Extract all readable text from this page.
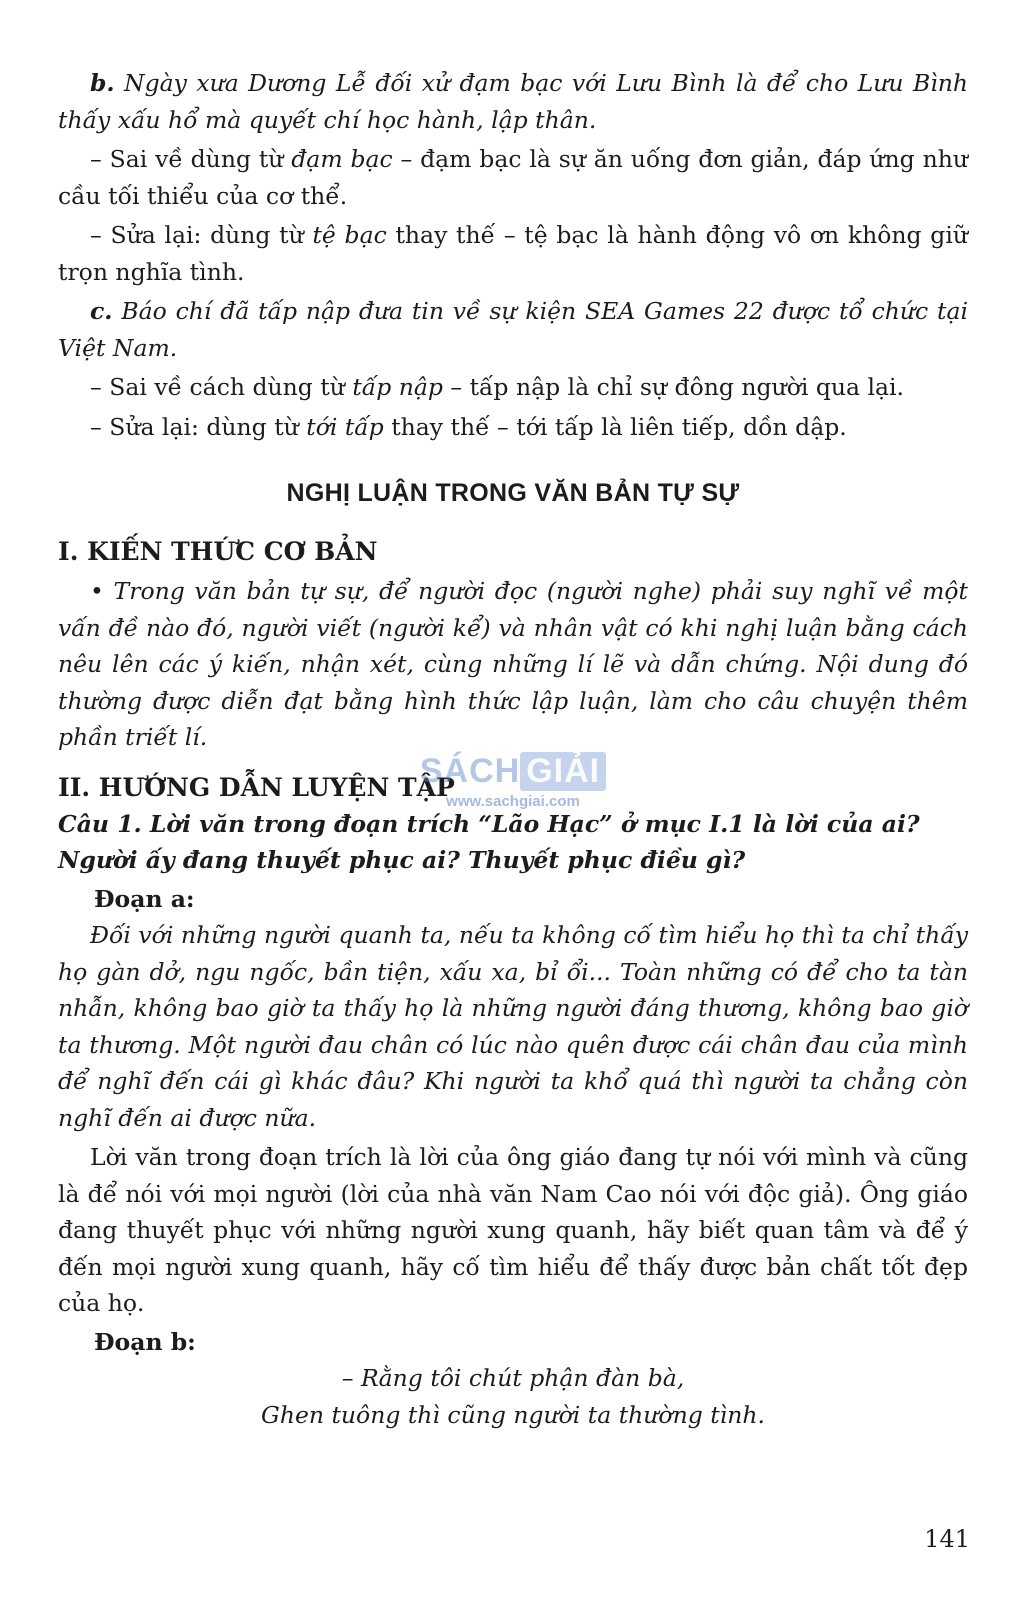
b. Ngày xưa Dương Lễ đối xử đạm bạc với Lưu Bình là để cho Lưu Bình thấy xấu hổ mà quyết chí học hành, lập thân.

– Sai về dùng từ đạm bạc – đạm bạc là sự ăn uống đơn giản, đáp ứng như cầu tối thiểu của cơ thể.

– Sửa lại: dùng từ tệ bạc thay thế – tệ bạc là hành động vô ơn không giữ trọn nghĩa tình.

c. Báo chí đã tấp nập đưa tin về sự kiện SEA Games 22 được tổ chức tại Việt Nam.

– Sai về cách dùng từ tấp nập – tấp nập là chỉ sự đông người qua lại.

– Sửa lại: dùng từ tới tấp thay thế – tới tấp là liên tiếp, dồn dập.

NGHỊ LUẬN TRONG VĂN BẢN TỰ SỰ

I. KIẾN THỨC CƠ BẢN

• Trong văn bản tự sự, để người đọc (người nghe) phải suy nghĩ về một vấn đề nào đó, người viết (người kể) và nhân vật có khi nghị luận bằng cách nêu lên các ý kiến, nhận xét, cùng những lí lẽ và dẫn chứng. Nội dung đó thường được diễn đạt bằng hình thức lập luận, làm cho câu chuyện thêm phần triết lí.

II. HƯỚNG DẪN LUYỆN TẬP

Câu 1. Lời văn trong đoạn trích “Lão Hạc” ở mục I.1 là lời của ai? Người ấy đang thuyết phục ai? Thuyết phục điều gì?

Đoạn a:

Đối với những người quanh ta, nếu ta không cố tìm hiểu họ thì ta chỉ thấy họ gàn dở, ngu ngốc, bần tiện, xấu xa, bỉ ổi... Toàn những có để cho ta tàn nhẫn, không bao giờ ta thấy họ là những người đáng thương, không bao giờ ta thương. Một người đau chân có lúc nào quên được cái chân đau của mình để nghĩ đến cái gì khác đâu? Khi người ta khổ quá thì người ta chẳng còn nghĩ đến ai được nữa.

Lời văn trong đoạn trích là lời của ông giáo đang tự nói với mình và cũng là để nói với mọi người (lời của nhà văn Nam Cao nói với độc giả). Ông giáo đang thuyết phục với những người xung quanh, hãy biết quan tâm và để ý đến mọi người xung quanh, hãy cố tìm hiểu để thấy được bản chất tốt đẹp của họ.

Đoạn b:

– Rằng tôi chút phận đàn bà,

Ghen tuông thì cũng người ta thường tình.

SÁCH GIẢI
www.sachgiai.com
141
